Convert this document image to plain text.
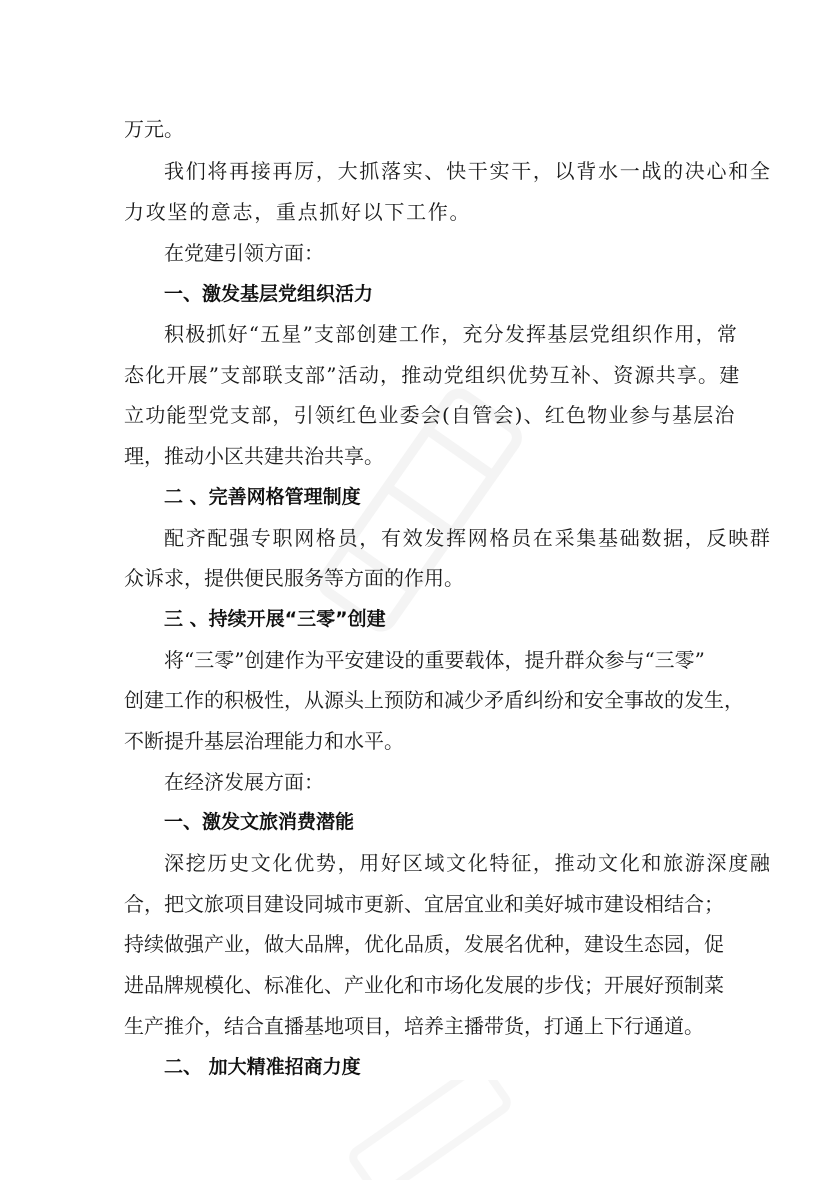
万元。
我们将再接再厉，大抓落实、快干实干，以背水一战的决心和全
力攻坚的意志，重点抓好以下工作。
在党建引领方面：
一、激发基层党组织活力
积极抓好“五星”支部创建工作，充分发挥基层党组织作用，常
态化开展”支部联支部”活动，推动党组织优势互补、资源共享。建
立功能型党支部，引领红色业委会(自管会)、红色物业参与基层治
理，推动小区共建共治共享。
二 、完善网格管理制度
配齐配强专职网格员，有效发挥网格员在采集基础数据，反映群
众诉求，提供便民服务等方面的作用。
三 、持续开展“三零”创建
将“三零”创建作为平安建设的重要载体，提升群众参与“三零”
创建工作的积极性，从源头上预防和减少矛盾纠纷和安全事故的发生，
不断提升基层治理能力和水平。
在经济发展方面：
一、激发文旅消费潜能
深挖历史文化优势，用好区域文化特征，推动文化和旅游深度融
合，把文旅项目建设同城市更新、宜居宜业和美好城市建设相结合；
持续做强产业，做大品牌，优化品质，发展名优种，建设生态园，促
进品牌规模化、标准化、产业化和市场化发展的步伐；开展好预制菜
生产推介，结合直播基地项目，培养主播带货，打通上下行通道。
二、 加大精准招商力度
